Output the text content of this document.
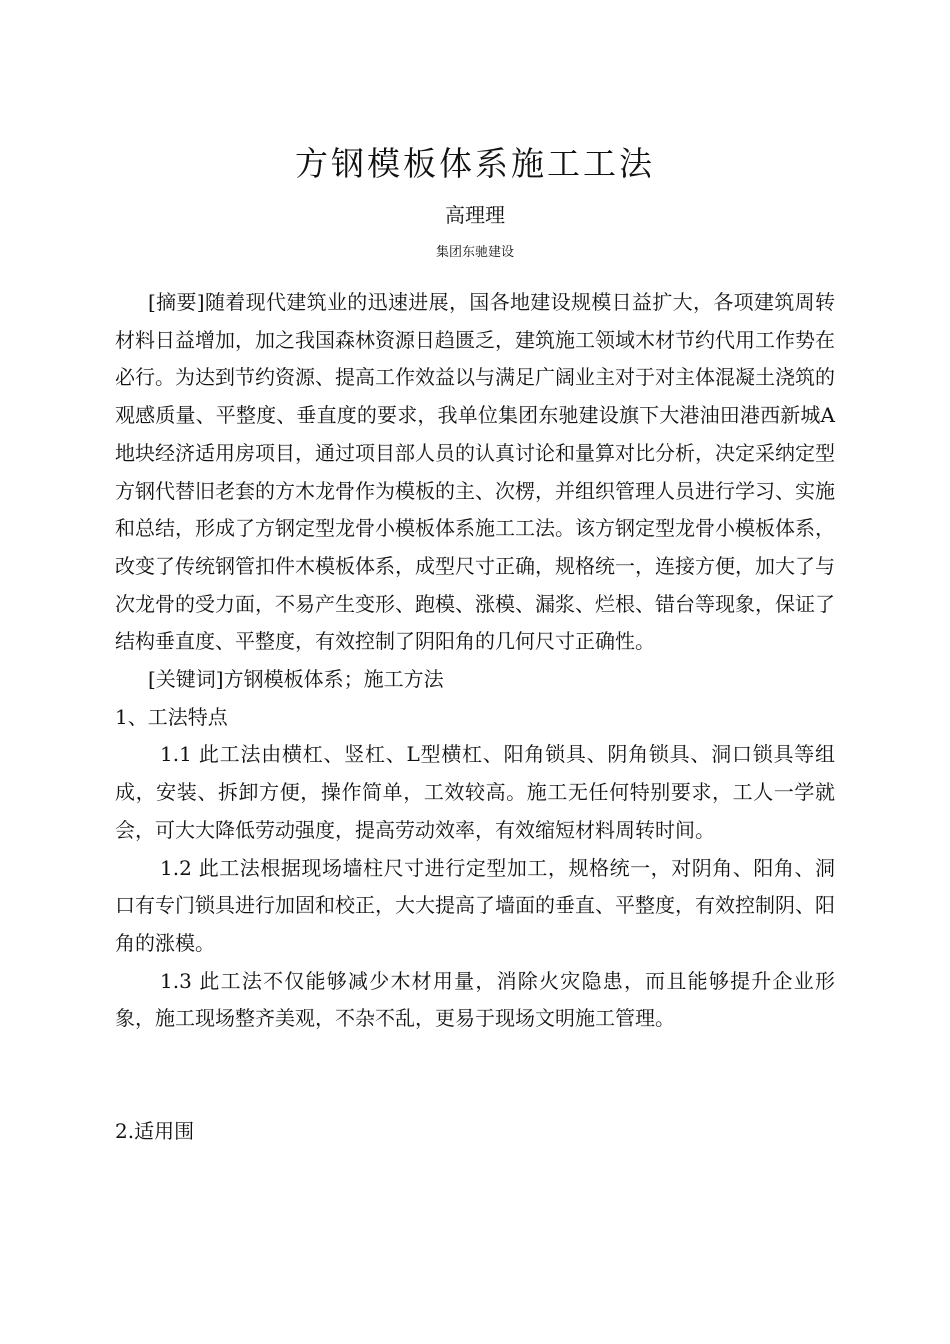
方钢模板体系施工工法
高理理
集团东驰建设

[摘要]随着现代建筑业的迅速进展，国各地建设规模日益扩大，各项建筑周转材料日益增加，加之我国森林资源日趋匮乏，建筑施工领域木材节约代用工作势在必行。为达到节约资源、提高工作效益以与满足广阔业主对于对主体混凝土浇筑的观感质量、平整度、垂直度的要求，我单位集团东驰建设旗下大港油田港西新城A地块经济适用房项目，通过项目部人员的认真讨论和量算对比分析，决定采纳定型方钢代替旧老套的方木龙骨作为模板的主、次楞，并组织管理人员进行学习、实施和总结，形成了方钢定型龙骨小模板体系施工工法。该方钢定型龙骨小模板体系，改变了传统钢管扣件木模板体系，成型尺寸正确，规格统一，连接方便，加大了与次龙骨的受力面，不易产生变形、跑模、涨模、漏浆、烂根、错台等现象，保证了结构垂直度、平整度，有效控制了阴阳角的几何尺寸正确性。

[关键词]方钢模板体系；施工方法

1、工法特点

1.1 此工法由横杠、竖杠、L型横杠、阳角锁具、阴角锁具、洞口锁具等组成，安装、拆卸方便，操作简单，工效较高。施工无任何特别要求，工人一学就会，可大大降低劳动强度，提高劳动效率，有效缩短材料周转时间。

1.2 此工法根据现场墙柱尺寸进行定型加工，规格统一，对阴角、阳角、洞口有专门锁具进行加固和校正，大大提高了墙面的垂直、平整度，有效控制阴、阳角的涨模。

1.3 此工法不仅能够减少木材用量，消除火灾隐患，而且能够提升企业形象，施工现场整齐美观，不杂不乱，更易于现场文明施工管理。

2.适用围
